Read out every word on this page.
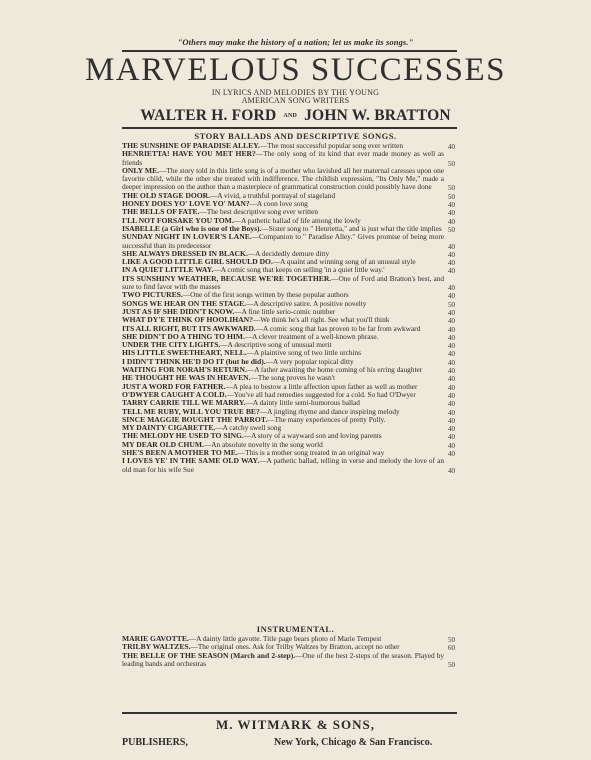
"Others may make the history of a nation; let us make its songs."
MARVELOUS SUCCESSES
IN LYRICS AND MELODIES BY THE YOUNG
AMERICAN SONG WRITERS
WALTER H. FORD AND JOHN W. BRATTON
STORY BALLADS AND DESCRIPTIVE SONGS.
THE SUNSHINE OF PARADISE ALLEY.—The most successful popular song ever written	40
HENRIETTA! HAVE YOU MET HER?—The only song of its kind that ever made money as well as friends	50
ONLY ME.—The story told in this little song is of a mother who lavished all her maternal caresses upon one favorite child, while the other she treated with indifference. The childish expression, "Its Only Me," made a deeper impression on the author than a masterpiece of grammatical construction could possibly have done 50
THE OLD STAGE DOOR.—A vivid, a truthful portrayal of stageland	50
HONEY DOES YO' LOVE YO' MAN?—A coon love song	40
THE BELLS OF FATE.—The best descriptive song ever written	40
I'LL NOT FORSAKE YOU TOM.—A pathetic ballad of life among the lowly	40
ISABELLE (a Girl who is one of the Boys).—Sister song to " Henrietta," and is just what the title implies 50
SUNDAY NIGHT IN LOVER'S LANE.—Companion to " Paradise Alley." Gives promise of being more successful than its predecessor	40
SHE ALWAYS DRESSED IN BLACK.—A decidedly demure ditty	40
LIKE A GOOD LITTLE GIRL SHOULD DO.—A quaint and winning song of an unusual style	40
IN A QUIET LITTLE WAY.—A comic song that keeps on selling 'in a quiet little way.'	40
ITS SUNSHINY WEATHER, BECAUSE WE'RE TOGETHER.—One of Ford and Bratton's best, and sure to find favor with the masses	40
TWO PICTURES.—One of the first songs written by these popular authors	40
SONGS WE HEAR ON THE STAGE.—A descriptive satire. A positive novelty	50
JUST AS IF SHE DIDN'T KNOW.—A fine little serio-comic number	40
WHAT DY'E THINK OF HOOLIHAN?—We think he's all right. See what you'll think	40
ITS ALL RIGHT, BUT ITS AWKWARD.—A comic song that has proven to be far from awkward	40
SHE DIDN'T DO A THING TO HIM.—A clever treatment of a well-known phrase.	40
UNDER THE CITY LIGHTS.—A descriptive song of unusual merit	40
HIS LITTLE SWEETHEART, NELL.—A plaintive song of two little urchins	40
I DIDN'T THINK HE'D DO IT (but he did).—A very popular topical ditty	40
WAITING FOR NORAH'S RETURN.—A father awaiting the home coming of his erring daughter	40
HE THOUGHT HE WAS IN HEAVEN.—The song proves he wasn't	40
JUST A WORD FOR FATHER.—A plea to bestow a little affection upon father as well as mother	40
O'DWYER CAUGHT A COLD.—You've all had remedies suggested for a cold. So had O'Dwyer	40
TARRY CARRIE TILL WE MARRY.—A dainty little semi-humorous ballad	40
TELL ME RUBY, WILL YOU TRUE BE?—A jingling rhyme and dance inspiring melody	40
SINCE MAGGIE BOUGHT THE PARROT.—The many experiences of pretty Polly.	40
MY DAINTY CIGARETTE.—A catchy swell song	40
THE MELODY HE USED TO SING.—A story of a wayward son and loving parents	40
MY DEAR OLD CHUM.—An absolute novelty in the song world	40
SHE'S BEEN A MOTHER TO ME.—This is a mother song treated in an original way	40
I LOVES YE' IN THE SAME OLD WAY.—A pathetic ballad, telling in verse and melody the love of an old man for his wife Sue	40
INSTRUMENTAL.
MARIE GAVOTTE.—A dainty little gavotte. Title page bears photo of Marie Tempest	50
TRILBY WALTZES.—The original ones. Ask for Trilby Waltzes by Bratton, accept no other	60
THE BELLE OF THE SEASON (March and 2-step).—One of the best 2-steps of the season. Played by leading bands and orchestras	50
M. WITMARK & SONS,
PUBLISHERS,	New York, Chicago & San Francisco.
